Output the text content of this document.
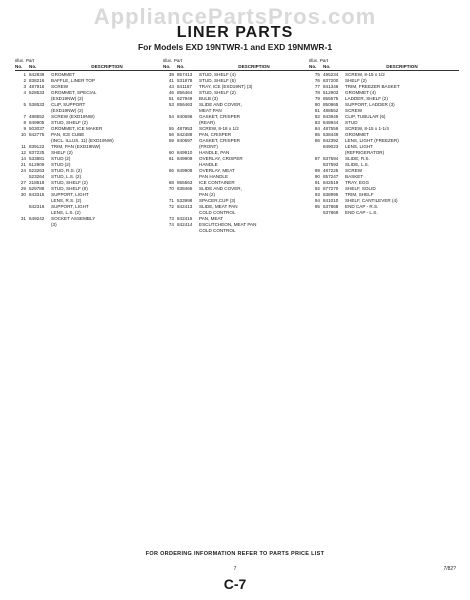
AppliancePartsPros.com
LINER PARTS
For Models EXD 19NTWR-1 and EXD 19NMWR-1
Illus. Part
No.	No.	DESCRIPTION
1 842839	GROMMET
2 838216	BAFFLE, LINER TOP
3 487916	SCREW
4 528533	GROMMET, SPECIAL
(EXD19NW) (2)
5 538533	CLIP, SUPPORT
(EXD19NW) (2)
7 488552	SCREW (EXD19NW)
8 849905	STUD, SHELF (2)
9 503037	GROMMET, ICE MAKER
10 842775	PAN, ICE CUBE
(INCL. ILLUS. 11) (EXD19NW)
11 839122	TRIM, PAN (EXD19NW)
12 837225	SHELF (2)
14 533881	STUD (2)
21 512909	STUD (2)
24 523263	STUD, R.S. (2)
523264	STUD, L.S. (2)
27 218518	STUD, SHELF (2)
29 529788	STUD, SHELF (8)
30 843315	SUPPORT, LIGHT
LENS, R.S. (2)
842316	SUPPORT, LIGHT
LENS, L.S. (2)
31 649242	SOCKET ASSEMBLY
(3)
Illus. Part
No.	No.	DESCRIPTION
39 857413	STUD, SHELF (4)
41 531878	STUD, SHELF (5)
43 841187	TRAY, ICE (EXD19NT) (3)
46 856464	STUD, SHELF (2)
51 627949	BULB (3)
53 856463	SLIDE AND COVER,
MEAT PAN
54 840696	GASKET, CRISPER
(REAR)
55 487953	SCREW, 8-18 x 1/2
56 842488	PAN, CRISPER
59 840697	GASKET, CRISPER
(FRONT)
60 849910	HANDLE, PAN
61 849909	OVERLAY, CRISPER
HANDLE
66 849908	OVERLAY, MEAT
PAN HANDLE
68 855563	ICE CONTAINER
70 838465	SLIDE AND COVER,
PAN (2)
71 533998	SPACER,CUP (3)
72 842413	SLIDE, MEAT PAN
COLD CONTROL
73 842415	PAN, MEAT
74 842414	ESCUTCHEON, MEAT PAN
COLD CONTROL
Illus. Part
No.	No.	DESCRIPTION
75 495234	SCREW, 8-15 x 1/2
76 837200	SHELF (2)
77 841346	TRIM, FREEZER BASKET
78 512903	GROMMET (4)
79 855575	LADDER, SHELF (2)
80 850965	SUPPORT, LADDER (3)
81 488552	SCREW
82 843945	CLIP, TUBULAR (6)
83 848944	STUD
84 487559	SCREW, 8-15 x 1-1/4
85 538449	GROMMET
86 842392	LENS, LIGHT (FREEZER)
849023	LENS, LIGHT
(REFRIGERATOR)
87 837594	SLIDE, R.S.
837593	SLIDE, L.S.
89 487225	SCREW
90 857247	BASKET
91 842519	TRAY, EGG
92 877270	SHELF, SOLID
93 838995	TRIM, SHELF
94 841010	SHELF, CANTILEVER (4)
95 537868	END CAP - R.S.
537869	END CAP - L.S.
FOR ORDERING INFORMATION REFER TO PARTS PRICE LIST
7	7/82?
C-7
